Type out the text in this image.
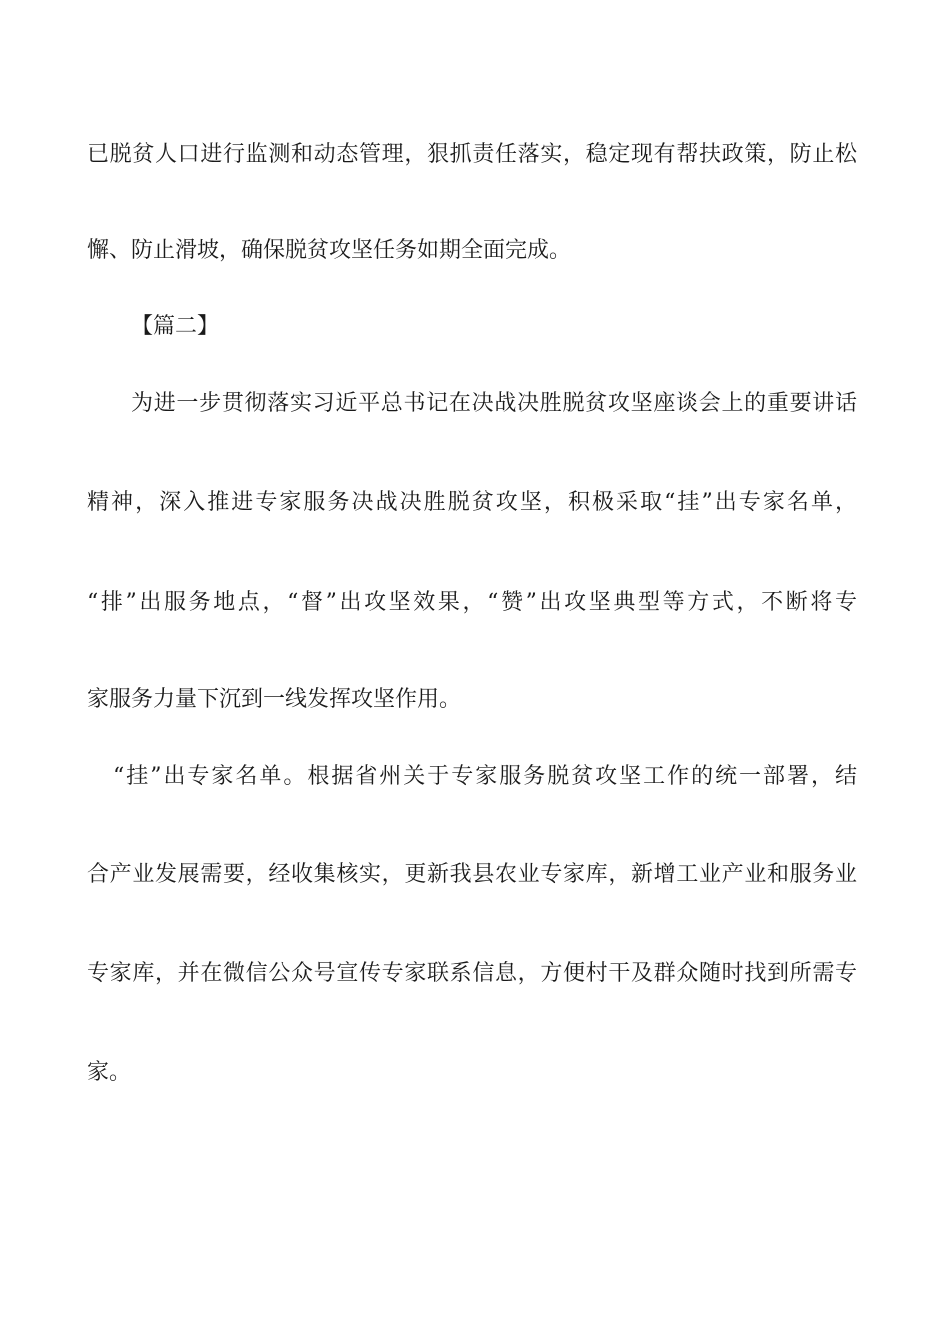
已脱贫人口进行监测和动态管理，狠抓责任落实，稳定现有帮扶政策，防止松
懈、防止滑坡，确保脱贫攻坚任务如期全面完成。
【篇二】
为进一步贯彻落实习近平总书记在决战决胜脱贫攻坚座谈会上的重要讲话
精神，深入推进专家服务决战决胜脱贫攻坚，积极采取“挂”出专家名单，
“排”出服务地点，“督”出攻坚效果，“赞”出攻坚典型等方式，不断将专
家服务力量下沉到一线发挥攻坚作用。
“挂”出专家名单。根据省州关于专家服务脱贫攻坚工作的统一部署，结
合产业发展需要，经收集核实，更新我县农业专家库，新增工业产业和服务业
专家库，并在微信公众号宣传专家联系信息，方便村干及群众随时找到所需专
家。
